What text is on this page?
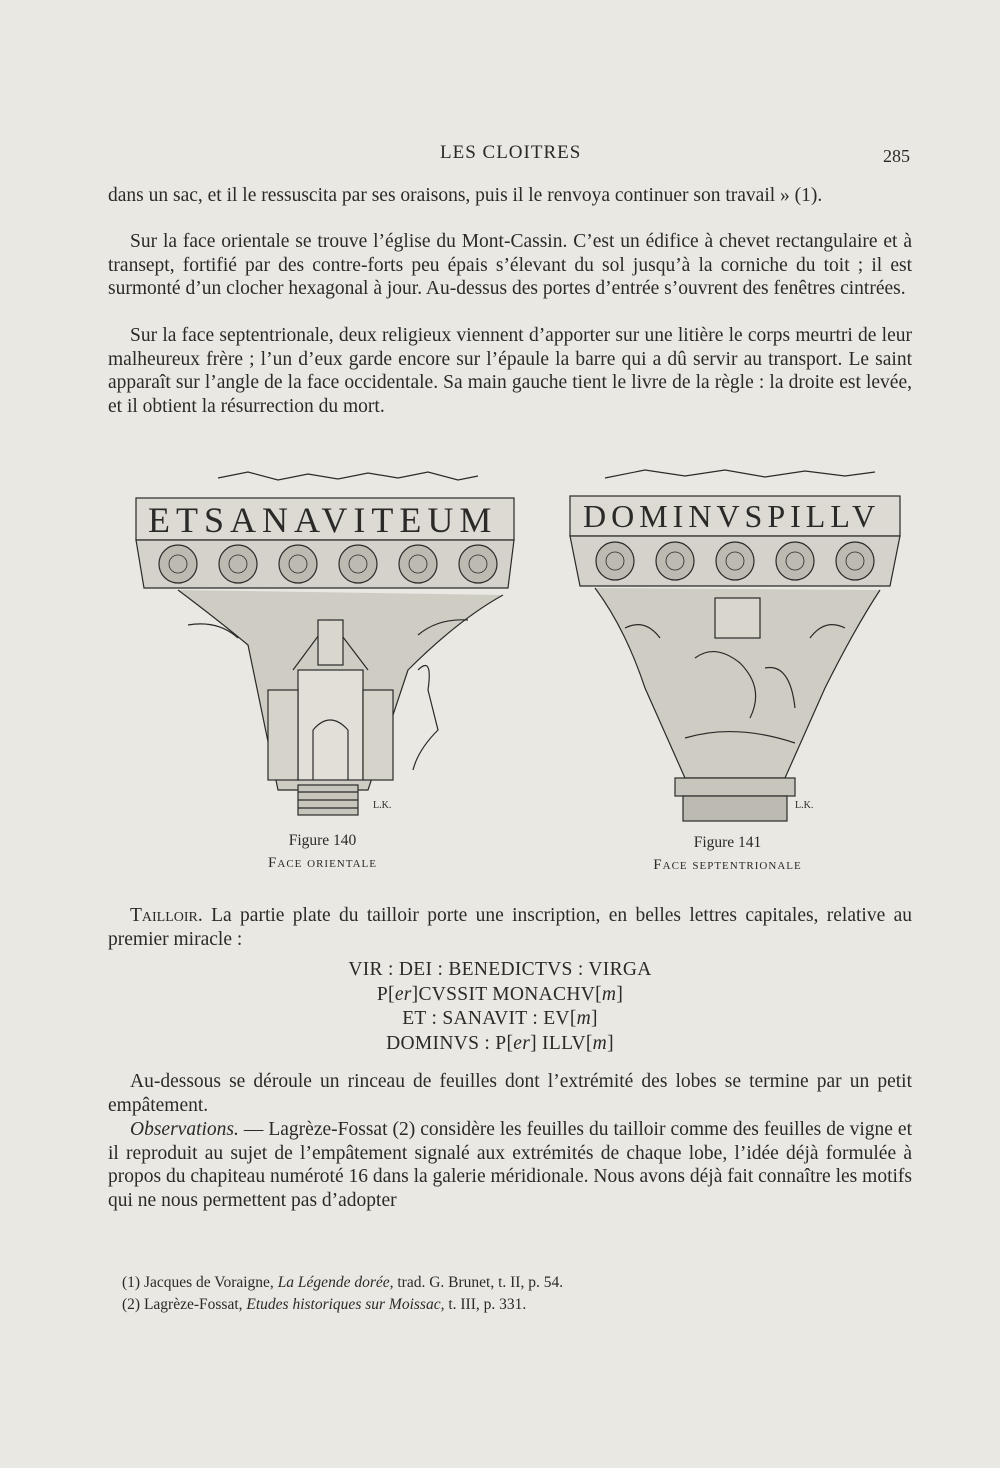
LES CLOITRES	285

dans un sac, et il le ressuscita par ses oraisons, puis il le renvoya continuer son travail » (1).

Sur la face orientale se trouve l’église du Mont-Cassin. C’est un édifice à chevet rectangulaire et à transept, fortifié par des contre-forts peu épais s’élevant du sol jusqu’à la corniche du toit ; il est surmonté d’un clocher hexagonal à jour. Au-dessus des portes d’entrée s’ouvrent des fenêtres cintrées.

Sur la face septentrionale, deux religieux viennent d’apporter sur une litière le corps meurtri de leur malheureux frère ; l’un d’eux garde encore sur l’épaule la barre qui a dû servir au transport. Le saint apparaît sur l’angle de la face occidentale. Sa main gauche tient le livre de la règle : la droite est levée, et il obtient la résurrection du mort.

ETSANAVITEUM
L.K.
Figure 140
Face orientale
DOMINVSPILLV
L.K.
Figure 141
Face septentrionale

Tailloir. La partie plate du tailloir porte une inscription, en belles lettres capitales, relative au premier miracle :

VIR : DEI : BENEDICTVS : VIRGA
P[er]CVSSIT MONACHV[m]
ET : SANAVIT : EV[m]
DOMINVS : P[er] ILLV[m]

Au-dessous se déroule un rinceau de feuilles dont l’extrémité des lobes se termine par un petit empâtement.

Observations. — Lagrèze-Fossat (2) considère les feuilles du tailloir comme des feuilles de vigne et il reproduit au sujet de l’empâtement signalé aux extrémités de chaque lobe, l’idée déjà formulée à propos du chapiteau numéroté 16 dans la galerie méridionale. Nous avons déjà fait connaître les motifs qui ne nous permettent pas d’adopter

(1) Jacques de Voraigne, La Légende dorée, trad. G. Brunet, t. II, p. 54.
(2) Lagrèze-Fossat, Etudes historiques sur Moissac, t. III, p. 331.
